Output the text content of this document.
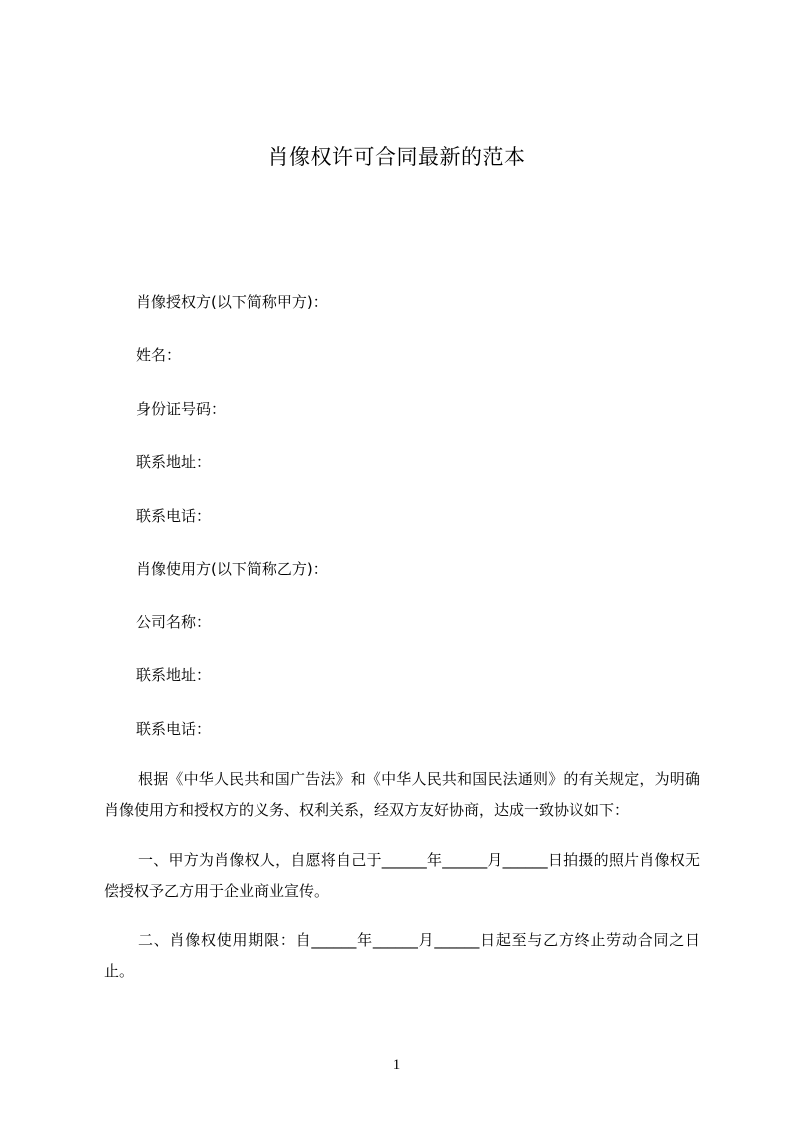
肖像权许可合同最新的范本
肖像授权方(以下简称甲方)：
姓名：
身份证号码：
联系地址：
联系电话：
肖像使用方(以下简称乙方)：
公司名称：
联系地址：
联系电话：
根据《中华人民共和国广告法》和《中华人民共和国民法通则》的有关规定，为明确肖像使用方和授权方的义务、权利关系，经双方友好协商，达成一致协议如下：
一、甲方为肖像权人，自愿将自己于______年______月______日拍摄的照片肖像权无偿授权予乙方用于企业商业宣传。
二、肖像权使用期限：自______年______月______日起至与乙方终止劳动合同之日止。
1
